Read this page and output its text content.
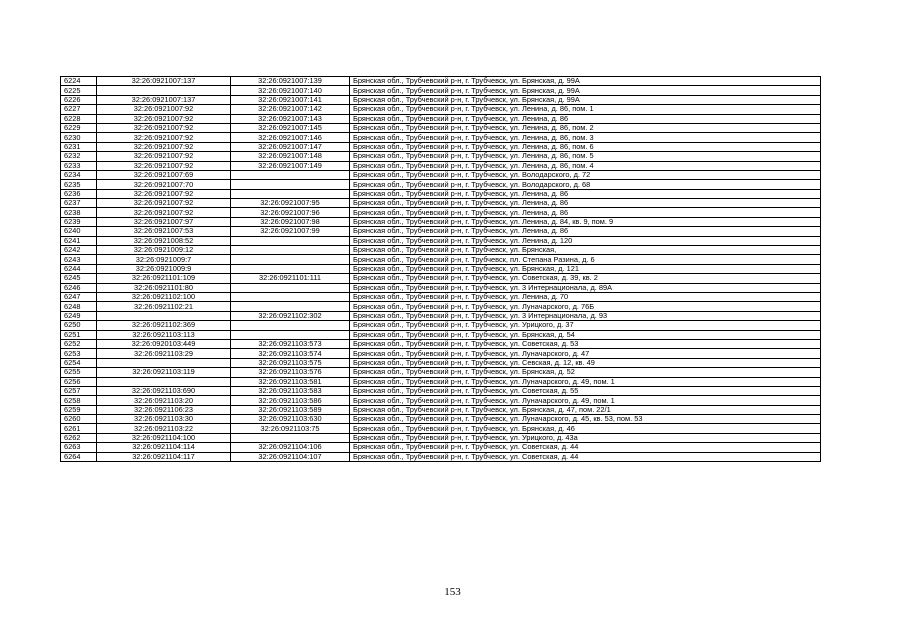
6224	32:26:0921007:137	32:26:0921007:139	Брянская обл., Трубчевский р-н, г. Трубчевск, ул. Брянская, д. 99А
6225		32:26:0921007:140	Брянская обл., Трубчевский р-н, г. Трубчевск, ул. Брянская, д. 99А
6226	32:26:0921007:137	32:26:0921007:141	Брянская обл., Трубчевский р-н, г. Трубчевск, ул. Брянская, д. 99А
6227	32:26:0921007:92	32:26:0921007:142	Брянская обл., Трубчевский р-н, г. Трубчевск, ул. Ленина, д. 86, пом. 1
6228	32:26:0921007:92	32:26:0921007:143	Брянская обл., Трубчевский р-н, г. Трубчевск, ул. Ленина, д. 86
6229	32:26:0921007:92	32:26:0921007:145	Брянская обл., Трубчевский р-н, г. Трубчевск, ул. Ленина, д. 86, пом. 2
6230	32:26:0921007:92	32:26:0921007:146	Брянская обл., Трубчевский р-н, г. Трубчевск, ул. Ленина, д. 86, пом. 3
6231	32:26:0921007:92	32:26:0921007:147	Брянская обл., Трубчевский р-н, г. Трубчевск, ул. Ленина, д. 86, пом. 6
6232	32:26:0921007:92	32:26:0921007:148	Брянская обл., Трубчевский р-н, г. Трубчевск, ул. Ленина, д. 86, пом. 5
6233	32:26:0921007:92	32:26:0921007:149	Брянская обл., Трубчевский р-н, г. Трубчевск, ул. Ленина, д. 86, пом. 4
6234	32:26:0921007:69		Брянская обл., Трубчевский р-н, г. Трубчевск, ул. Володарского, д. 72
6235	32:26:0921007:70		Брянская обл., Трубчевский р-н, г. Трубчевск, ул. Володарского, д. 68
6236	32:26:0921007:92		Брянская обл., Трубчевский р-н, г. Трубчевск, ул. Ленина, д. 86
6237	32:26:0921007:92	32:26:0921007:95	Брянская обл., Трубчевский р-н, г. Трубчевск, ул. Ленина, д. 86
6238	32:26:0921007:92	32:26:0921007:96	Брянская обл., Трубчевский р-н, г. Трубчевск, ул. Ленина, д. 86
6239	32:26:0921007:97	32:26:0921007:98	Брянская обл., Трубчевский р-н, г. Трубчевск, ул. Ленина, д. 84, кв. 9, пом. 9
6240	32:26:0921007:53	32:26:0921007:99	Брянская обл., Трубчевский р-н, г. Трубчевск, ул. Ленина, д. 86
6241	32:26:0921008:52		Брянская обл., Трубчевский р-н, г. Трубчевск, ул. Ленина, д. 120
6242	32:26:0921009:12		Брянская обл., Трубчевский р-н, г. Трубчевск, ул. Брянская,
6243	32:26:0921009:7		Брянская обл., Трубчевский р-н, г. Трубчевск, пл. Степана Разина, д. 6
6244	32:26:0921009:9		Брянская обл., Трубчевский р-н, г. Трубчевск, ул. Брянская, д. 121
6245	32:26:0921101:109	32:26:0921101:111	Брянская обл., Трубчевский р-н, г. Трубчевск, ул. Советская, д. 39, кв. 2
6246	32:26:0921101:80		Брянская обл., Трубчевский р-н, г. Трубчевск, ул. 3 Интернационала, д. 89А
6247	32:26:0921102:100		Брянская обл., Трубчевский р-н, г. Трубчевск, ул. Ленина, д. 70
6248	32:26:0921102:21		Брянская обл., Трубчевский р-н, г. Трубчевск, ул. Луначарского, д. 76Б
6249		32:26:0921102:302	Брянская обл., Трубчевский р-н, г. Трубчевск, ул. 3 Интернационала, д. 93
6250	32:26:0921102:369		Брянская обл., Трубчевский р-н, г. Трубчевск, ул. Урицкого, д. 37
6251	32:26:0921103:113		Брянская обл., Трубчевский р-н, г. Трубчевск, ул. Брянская, д. 54
6252	32:26:0920103:449	32:26:0921103:573	Брянская обл., Трубчевский р-н, г. Трубчевск, ул. Советская, д. 53
6253	32:26:0921103:29	32:26:0921103:574	Брянская обл., Трубчевский р-н, г. Трубчевск, ул. Луначарского, д. 47
6254		32:26:0921103:575	Брянская обл., Трубчевский р-н, г. Трубчевск, ул. Севская, д. 12, кв. 49
6255	32:26:0921103:119	32:26:0921103:576	Брянская обл., Трубчевский р-н, г. Трубчевск, ул. Брянская, д. 52
6256		32:26:0921103:581	Брянская обл., Трубчевский р-н, г. Трубчевск, ул. Луначарского, д. 49, пом. 1
6257	32:26:0921103:690	32:26:0921103:583	Брянская обл., Трубчевский р-н, г. Трубчевск, ул. Советская, д. 55
6258	32:26:0921103:20	32:26:0921103:586	Брянская обл., Трубчевский р-н, г. Трубчевск, ул. Луначарского, д. 49, пом. 1
6259	32:26:0921106:23	32:26:0921103:589	Брянская обл., Трубчевский р-н, г. Трубчевск, ул. Брянская, д. 47, пом. 22/1
6260	32:26:0921103:30	32:26:0921103:630	Брянская обл., Трубчевский р-н, г. Трубчевск, ул. Луначарского, д. 45, кв. 53, пом. 53
6261	32:26:0921103:22	32:26:0921103:75	Брянская обл., Трубчевский р-н, г. Трубчевск, ул. Брянская, д. 46
6262	32:26:0921104:100		Брянская обл., Трубчевский р-н, г. Трубчевск, ул. Урицкого, д. 43а
6263	32:26:0921104:114	32:26:0921104:106	Брянская обл., Трубчевский р-н, г. Трубчевск, ул. Советская, д. 44
6264	32:26:0921104:117	32:26:0921104:107	Брянская обл., Трубчевский р-н, г. Трубчевск, ул. Советская, д. 44
153
